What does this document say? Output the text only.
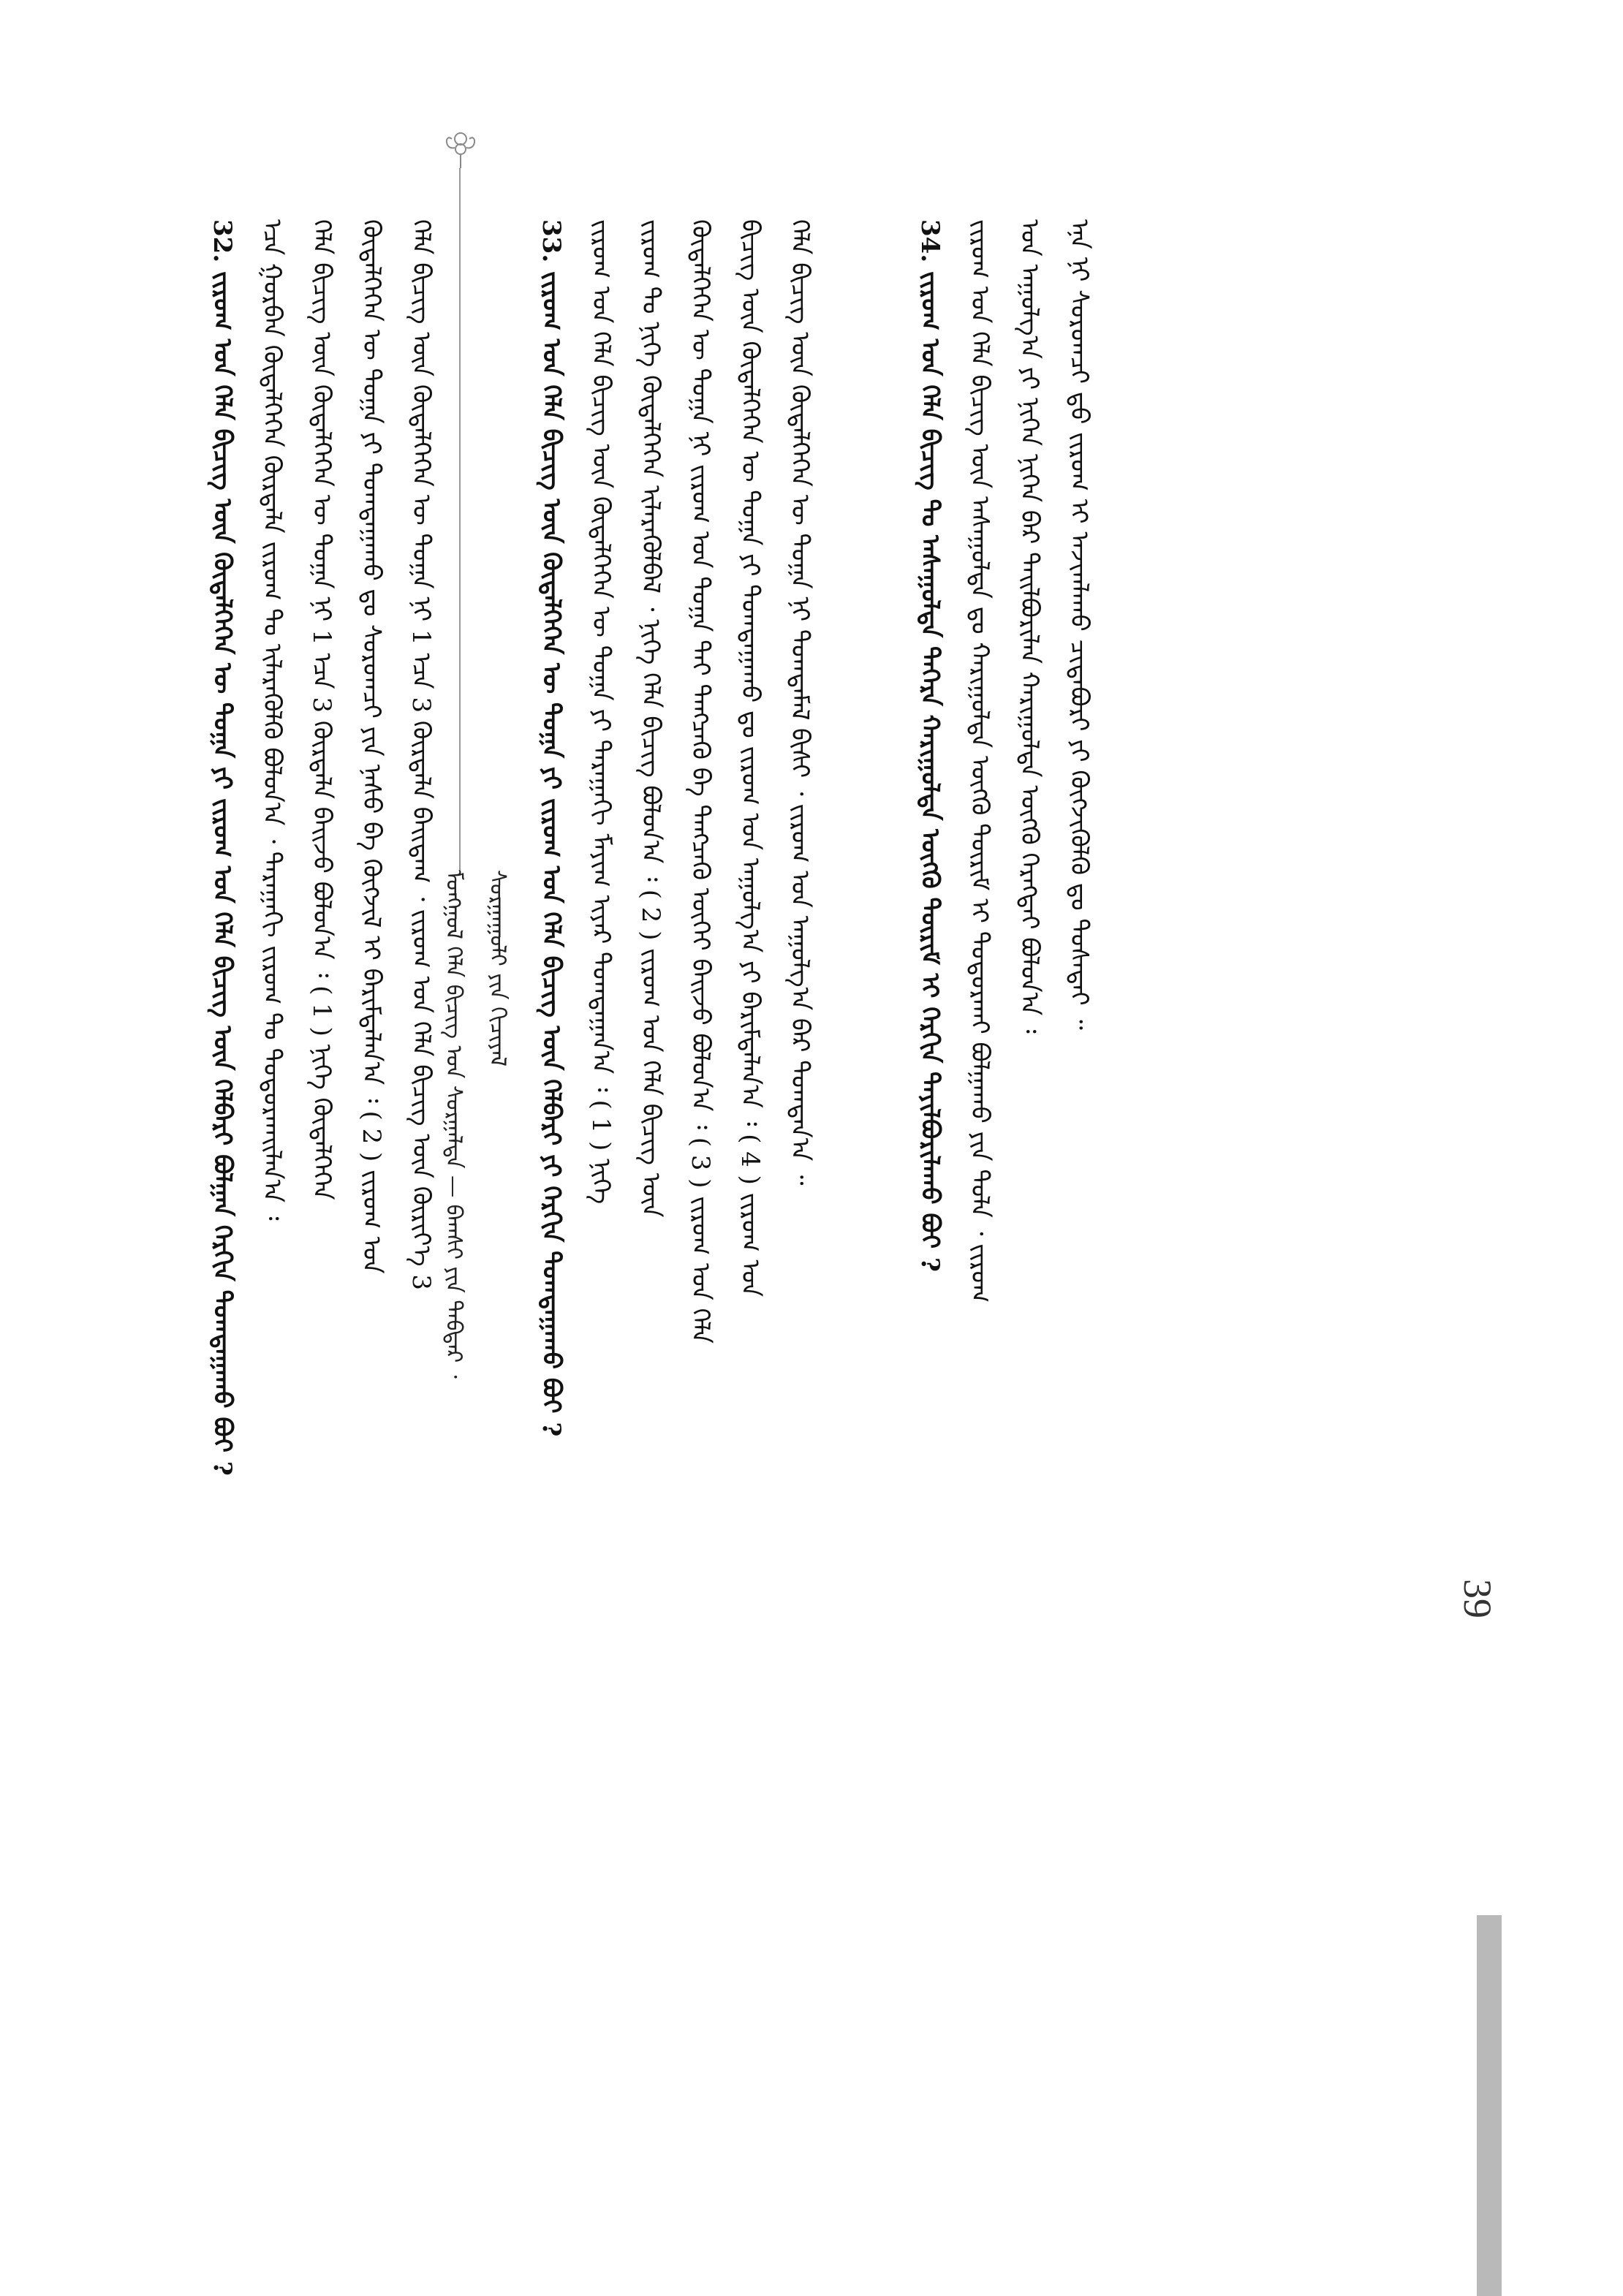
ᠮᠣᠩᠭᠣᠯ ᠬᠡᠯᠡ ᠪᠢᠴᠢᠭ᠌ ᠤᠨ ᠰᠤᠷᠭᠠᠯᠲᠠ — ᠪᠠᠭᠰᠢ ᠶᠢᠨ ᠳᠡᠪᠲᠡᠷ ᠂ ᠰᠤᠷᠭᠠᠭᠤᠯᠢ ᠶᠢᠨ ᠬᠢᠴᠢᠶᠡᠯ
32. ᠵᠢᠷᠤᠭ ᠤᠨ ᠬᠡᠯᠡ ᠪᠢᠴᠢᠭ ᠦᠨ ᠬᠥᠳᠡᠯᠭᠡᠭᠡᠨ ᠦ ᠲᠣᠭᠠ ᠶᠢ ᠵᠢᠷᠤᠭ ᠤᠨ ᠬᠡᠯᠡ ᠪᠢᠴᠢᠭ ᠦᠨ ᠬᠡᠯᠪᠡᠷᠢ ᠪᠣᠯᠭᠠᠨ ᠬᠡᠷᠬᠢᠨ ᠲᠣᠭᠲᠠᠭᠠᠬᠤ ᠪᠤᠢ ? ᠡᠴᠡ ᠭᠤᠷᠪᠠᠨ ᠬᠥᠳᠡᠯᠭᠡᠭᠡᠨ ᠬᠦᠷᠲᠡᠯᠡ ᠵᠢᠷᠤᠭ ᠲᠤ ᠢᠯᠡᠷᠡᠭᠦᠯᠬᠦ ᠪᠣᠯᠤᠨ᠎ᠠ ᠂ ᠳᠠᠷᠠᠭᠠᠬᠢ ᠵᠢᠷᠤᠭ ᠲᠤ ᠲᠣᠳᠣᠷᠬᠠᠢᠯᠠᠨ᠎ᠠ ᠄ ᠬᠡᠯᠡ ᠪᠢᠴᠢᠭ ᠦᠨ ᠬᠥᠳᠡᠯᠭᠡᠭᠡᠨ ᠦ ᠲᠣᠭᠠ ᠨᠢ 1 ᠡᠴᠡ 3 ᠬᠦᠷᠲᠡᠯᠡ ᠪᠠᠢᠵᠤ ᠪᠣᠯᠤᠨ᠎ᠠ ᠄ ( 1 ) ᠨᠢᠭᠡ ᠬᠥᠳᠡᠯᠭᠡᠭᠡᠨ ᠬᠥᠳᠡᠯᠭᠡᠭᠡᠨ ᠦ ᠲᠣᠭᠠ ᠶᠢ ᠲᠣᠭᠲᠠᠭᠠᠬᠤ ᠳᠤ ᠰᠤᠷᠤᠭᠴᠢ ᠶᠢᠨ ᠨᠠᠰᠤ ᠪᠠ ᠬᠥᠭᠵᠢᠯ ᠢ ᠪᠠᠷᠢᠮᠲᠠᠯᠠᠨ᠎ᠠ ᠄ ( 2 ) ᠵᠢᠷᠤᠭ ᠤᠨ ᠬᠡᠯᠡ ᠪᠢᠴᠢᠭ ᠦᠨ ᠬᠥᠳᠡᠯᠭᠡᠭᠡᠨ ᠦ ᠲᠣᠭᠠ ᠨᠢ 1 ᠡᠴᠡ 3 ᠬᠦᠷᠲᠡᠯᠡ ᠪᠠᠢᠳᠠᠭ ᠂ ᠵᠢᠷᠤᠭ ᠤᠨ ᠬᠡᠯᠡ ᠪᠢᠴᠢᠭ ᠦᠨ ᠬᠦᠷᠢᠶ᠎ᠡ 3	33. ᠵᠢᠷᠤᠭ ᠤᠨ ᠬᠡᠯᠡ ᠪᠢᠴᠢᠭ ᠦᠨ ᠬᠥᠳᠡᠯᠭᠡᠭᠡᠨ ᠦ ᠲᠣᠭᠠ ᠶᠢ ᠵᠢᠷᠤᠭ ᠤᠨ ᠬᠡᠯᠡ ᠪᠢᠴᠢᠭ ᠦᠨ ᠬᠡᠯᠪᠡᠷᠢ ᠶᠢ ᠬᠡᠷᠬᠢᠨ ᠲᠣᠭᠲᠠᠭᠠᠬᠤ ᠪᠤᠢ ? ᠵᠢᠷᠤᠭ ᠤᠨ ᠬᠡᠯᠡ ᠪᠢᠴᠢᠭ ᠦᠨ ᠬᠥᠳᠡᠯᠭᠡᠭᠡᠨ ᠦ ᠲᠣᠭᠠ ᠶᠢ ᠳᠠᠷᠠᠭᠠᠬᠢ ᠮᠠᠶᠢᠭ ᠢᠶᠠᠷ ᠲᠣᠭᠲᠠᠭᠠᠨ᠎ᠠ ᠄ ( 1 ) ᠨᠢᠭᠡ ᠵᠢᠷᠤᠭ ᠲᠤ ᠨᠢᠭᠡ ᠬᠥᠳᠡᠯᠭᠡᠭᠡᠨ ᠢᠯᠡᠷᠡᠭᠦᠯᠪᠡᠯ ᠂ ᠨᠢᠭᠡ ᠬᠡᠯᠡ ᠪᠢᠴᠢᠭ ᠪᠣᠯᠤᠨ᠎ᠠ ᠄ ( 2 ) ᠵᠢᠷᠤᠭ ᠤᠨ ᠬᠡᠯᠡ ᠪᠢᠴᠢᠭ ᠦᠨ ᠬᠥᠳᠡᠯᠭᠡᠭᠡᠨ ᠦ ᠲᠣᠭᠠ ᠨᠢ ᠵᠢᠷᠤᠭ ᠤᠨ ᠲᠣᠭᠠ ᠲᠠᠢ ᠲᠡᠩᠴᠡᠬᠦ ᠪᠠ ᠲᠡᠩᠴᠡᠬᠦ ᠦᠭᠡᠢ ᠪᠠᠢᠵᠤ ᠪᠣᠯᠤᠨ᠎ᠠ ᠄ ( 3 ) ᠵᠢᠷᠤᠭ ᠤᠨ ᠬᠡᠯᠡ ᠪᠢᠴᠢᠭ ᠦᠨ ᠬᠥᠳᠡᠯᠭᠡᠭᠡᠨ ᠦ ᠲᠣᠭᠠ ᠶᠢ ᠲᠣᠭᠲᠠᠭᠠᠬᠤ ᠳᠤ ᠵᠢᠷᠤᠭ ᠤᠨ ᠠᠭᠤᠯᠭ᠎ᠠ ᠶᠢ ᠪᠠᠷᠢᠮᠲᠠᠯᠠᠨ᠎ᠠ ᠄ ( 4 ) ᠵᠢᠷᠤᠭ ᠤᠨ ᠬᠡᠯᠡ ᠪᠢᠴᠢᠭ ᠦᠨ ᠬᠥᠳᠡᠯᠭᠡᠭᠡᠨ ᠦ ᠲᠣᠭᠠ ᠨᠢ ᠲᠣᠭᠲᠠᠮᠠᠯ ᠪᠢᠰᠢ ᠂ ᠵᠢᠷᠤᠭ ᠤᠨ ᠠᠭᠤᠯᠭ᠎ᠠ ᠪᠠᠷ ᠲᠣᠭᠲᠠᠨ᠎ᠠ ᠃	34. ᠵᠢᠷᠤᠭ ᠤᠨ ᠬᠡᠯᠡ ᠪᠢᠴᠢᠭ ᠲᠤ ᠠᠰᠠᠭᠤᠯᠲᠠ ᠳᠡᠭᠡᠷᠡ ᠬᠠᠷᠢᠭᠤᠯᠲᠠ ᠥᠭᠬᠦ ᠳᠦᠷᠢᠮ ᠢ ᠬᠡᠷᠬᠢᠨ ᠲᠠᠶᠢᠯᠪᠤᠷᠢᠯᠠᠬᠤ ᠪᠤᠢ ? ᠵᠢᠷᠤᠭ ᠤᠨ ᠬᠡᠯᠡ ᠪᠢᠴᠢᠭ ᠦᠨ ᠠᠰᠠᠭᠤᠯᠲᠠ ᠳᠤ ᠬᠠᠷᠢᠭᠤᠯᠲᠠ ᠥᠭᠬᠦ ᠳᠦᠷᠢᠮ ᠢ ᠲᠣᠳᠣᠷᠬᠠᠢ ᠪᠣᠯᠭᠠᠬᠤ ᠶᠢᠨ ᠲᠤᠯᠠ ᠂ ᠵᠢᠷᠤᠭ ᠤᠨ ᠠᠭᠤᠯᠭ᠎ᠠ ᠶᠢ ᠨᠢᠭᠡᠨ ᠨᠢᠭᠡᠨ ᠪᠡᠷ ᠲᠠᠢᠯᠪᠤᠷᠢᠯᠠᠨ ᠬᠠᠷᠢᠭᠤᠯᠲᠠ ᠥᠭᠬᠦ ᠬᠡᠷᠡᠭᠲᠡᠢ ᠪᠣᠯᠤᠨ᠎ᠠ ᠄ ᠡᠨᠡ ᠨᠢ ᠰᠤᠷᠤᠭᠴᠢ ᠳ᠋ᠤ ᠵᠢᠷᠤᠭ ᠢ ᠠᠵᠢᠭᠯᠠᠬᠤ ᠴᠢᠳᠠᠪᠤᠷᠢ ᠶᠢ ᠬᠥᠭᠵᠢᠭᠦᠯᠬᠦ ᠳᠤ ᠲᠤᠰᠠᠲᠠᠢ ᠃
39
